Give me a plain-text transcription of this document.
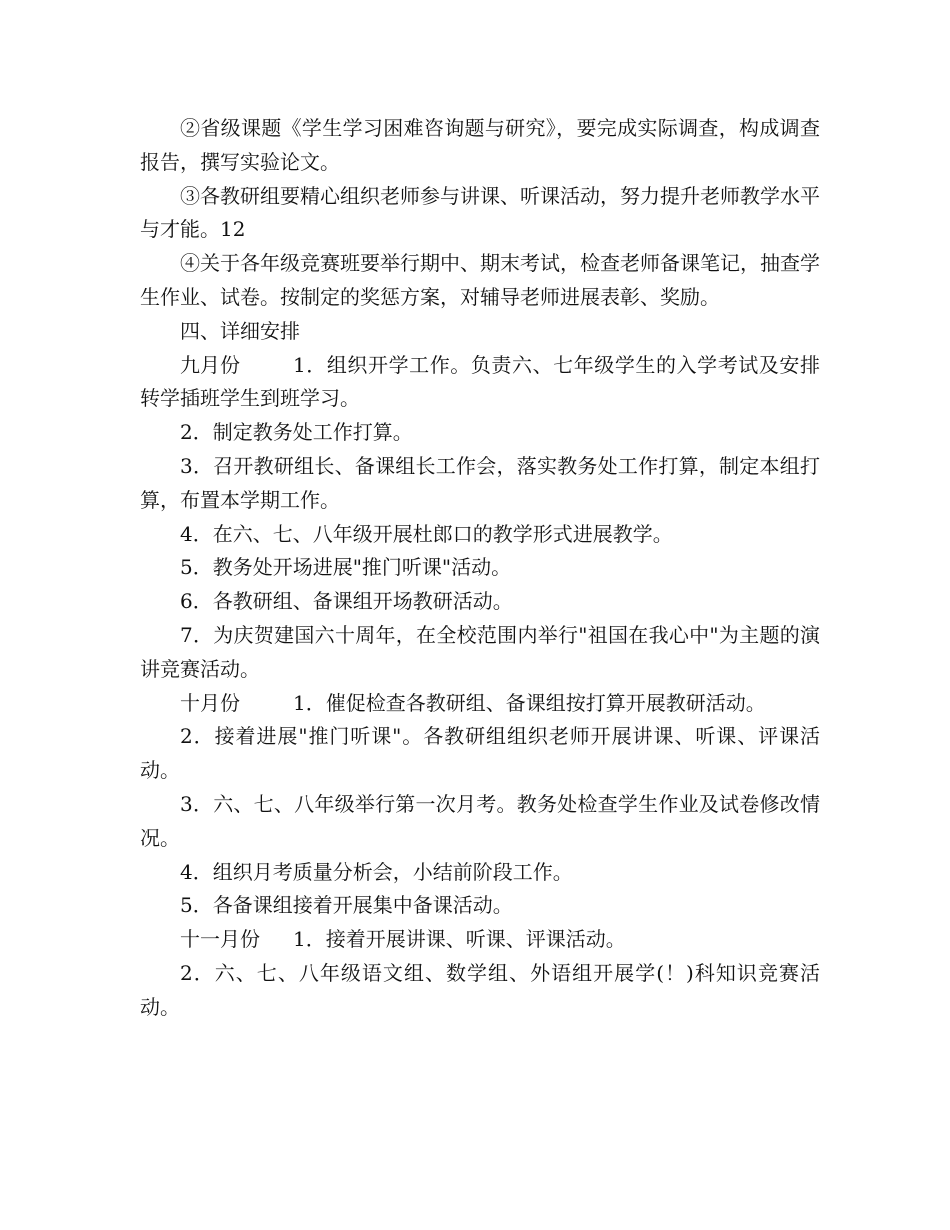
②省级课题《学生学习困难咨询题与研究》，要完成实际调查，构成调查报告，撰写实验论文。

③各教研组要精心组织老师参与讲课、听课活动，努力提升老师教学水平与才能。12

④关于各年级竞赛班要举行期中、期末考试，检查老师备课笔记，抽查学生作业、试卷。按制定的奖惩方案，对辅导老师进展表彰、奖励。

四、详细安排

九月份	1．组织开学工作。负责六、七年级学生的入学考试及安排转学插班学生到班学习。

2．制定教务处工作打算。

3．召开教研组长、备课组长工作会，落实教务处工作打算，制定本组打算，布置本学期工作。

4．在六、七、八年级开展杜郎口的教学形式进展教学。

5．教务处开场进展"推门听课"活动。

6．各教研组、备课组开场教研活动。

7．为庆贺建国六十周年，在全校范围内举行"祖国在我心中"为主题的演讲竞赛活动。

十月份	1．催促检查各教研组、备课组按打算开展教研活动。

2．接着进展"推门听课"。各教研组组织老师开展讲课、听课、评课活动。

3．六、七、八年级举行第一次月考。教务处检查学生作业及试卷修改情况。

4．组织月考质量分析会，小结前阶段工作。

5．各备课组接着开展集中备课活动。

十一月份 1．接着开展讲课、听课、评课活动。

2．六、七、八年级语文组、数学组、外语组开展学(！)科知识竞赛活动。
